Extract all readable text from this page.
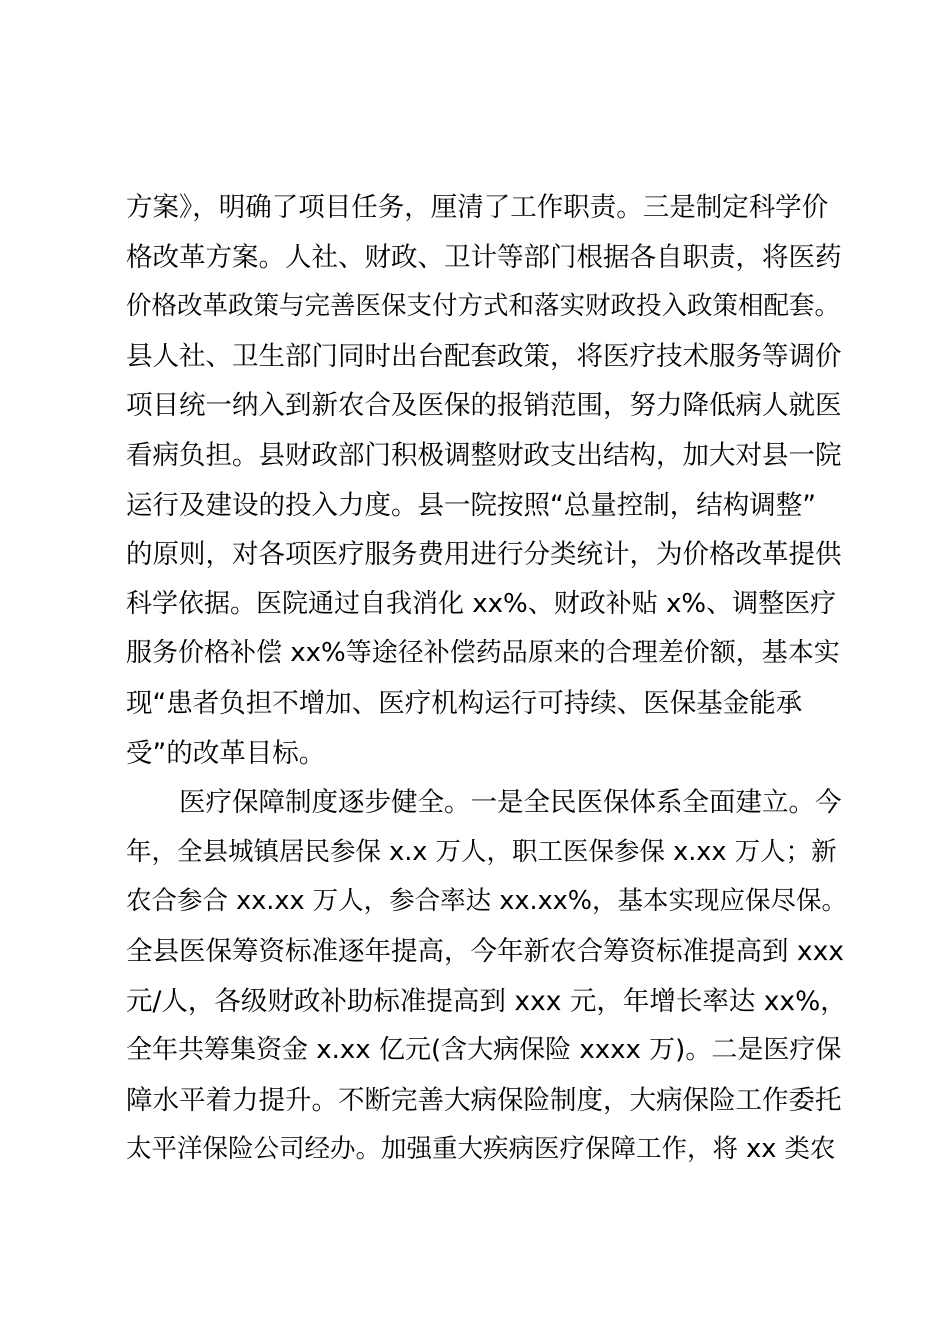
方案》，明确了项目任务，厘清了工作职责。三是制定科学价
格改革方案。人社、财政、卫计等部门根据各自职责，将医药
价格改革政策与完善医保支付方式和落实财政投入政策相配套。
县人社、卫生部门同时出台配套政策，将医疗技术服务等调价
项目统一纳入到新农合及医保的报销范围，努力降低病人就医
看病负担。县财政部门积极调整财政支出结构，加大对县一院
运行及建设的投入力度。县一院按照“总量控制，结构调整”
的原则，对各项医疗服务费用进行分类统计，为价格改革提供
科学依据。医院通过自我消化 xx%、财政补贴 x%、调整医疗
服务价格补偿 xx%等途径补偿药品原来的合理差价额，基本实
现“患者负担不增加、医疗机构运行可持续、医保基金能承
受”的改革目标。
医疗保障制度逐步健全。一是全民医保体系全面建立。今
年，全县城镇居民参保 x.x 万人，职工医保参保 x.xx 万人；新
农合参合 xx.xx 万人，参合率达 xx.xx%，基本实现应保尽保。
全县医保筹资标准逐年提高，今年新农合筹资标准提高到 xxx
元/人，各级财政补助标准提高到 xxx 元，年增长率达 xx%，
全年共筹集资金 x.xx 亿元(含大病保险 xxxx 万)。二是医疗保
障水平着力提升。不断完善大病保险制度，大病保险工作委托
太平洋保险公司经办。加强重大疾病医疗保障工作，将 xx 类农
